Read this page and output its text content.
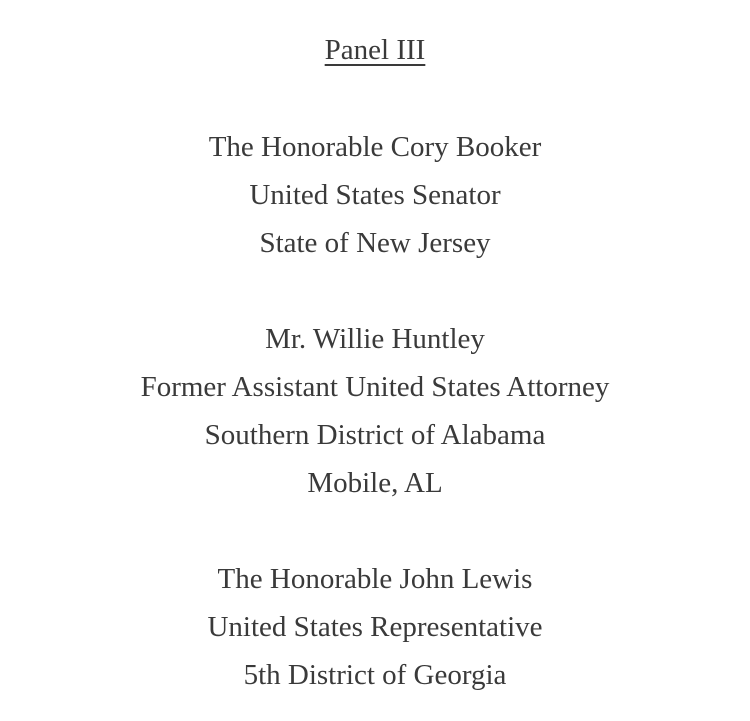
Panel III
The Honorable Cory Booker
United States Senator
State of New Jersey
Mr. Willie Huntley
Former Assistant United States Attorney
Southern District of Alabama
Mobile, AL
The Honorable John Lewis
United States Representative
5th District of Georgia
